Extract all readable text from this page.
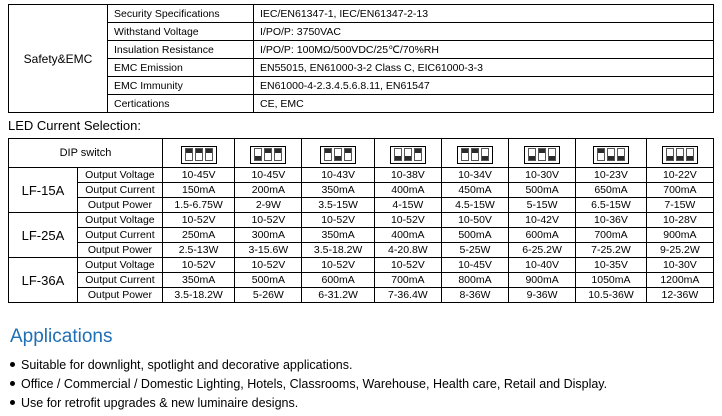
Safety&EMC	Security Specifications	IEC/EN61347-1, IEC/EN61347-2-13
	Withstand Voltage	I/PO/P: 3750VAC
	Insulation Resistance	I/PO/P: 100MΩ/500VDC/25℃/70%RH
	EMC Emission	EN55015, EN61000-3-2 Class C, EIC61000-3-3
	EMC Immunity	EN61000-4-2.3.4.5.6.8.11, EN61547
	Certications	CE, EMC
LED Current Selection:
DIP switch		

LF-15A	Output Voltage	10-45V	10-45V	10-43V	10-38V	10-34V	10-30V	10-23V	10-22V
	Output Current	150mA	200mA	350mA	400mA	450mA	500mA	650mA	700mA
	Output Power	1.5-6.75W	2-9W	3.5-15W	4-15W	4.5-15W	5-15W	6.5-15W	7-15W
LF-25A	Output Voltage	10-52V	10-52V	10-52V	10-52V	10-50V	10-42V	10-36V	10-28V
	Output Current	250mA	300mA	350mA	400mA	500mA	600mA	700mA	900mA
	Output Power	2.5-13W	3-15.6W	3.5-18.2W	4-20.8W	5-25W	6-25.2W	7-25.2W	9-25.2W
LF-36A	Output Voltage	10-52V	10-52V	10-52V	10-52V	10-45V	10-40V	10-35V	10-30V
	Output Current	350mA	500mA	600mA	700mA	800mA	900mA	1050mA	1200mA
	Output Power	3.5-18.2W	5-26W	6-31.2W	7-36.4W	8-36W	9-36W	10.5-36W	12-36W
Applications
Suitable for downlight, spotlight and decorative applications.
Office / Commercial / Domestic Lighting, Hotels, Classrooms, Warehouse, Health care, Retail and Display.
Use for retrofit upgrades & new luminaire designs.
